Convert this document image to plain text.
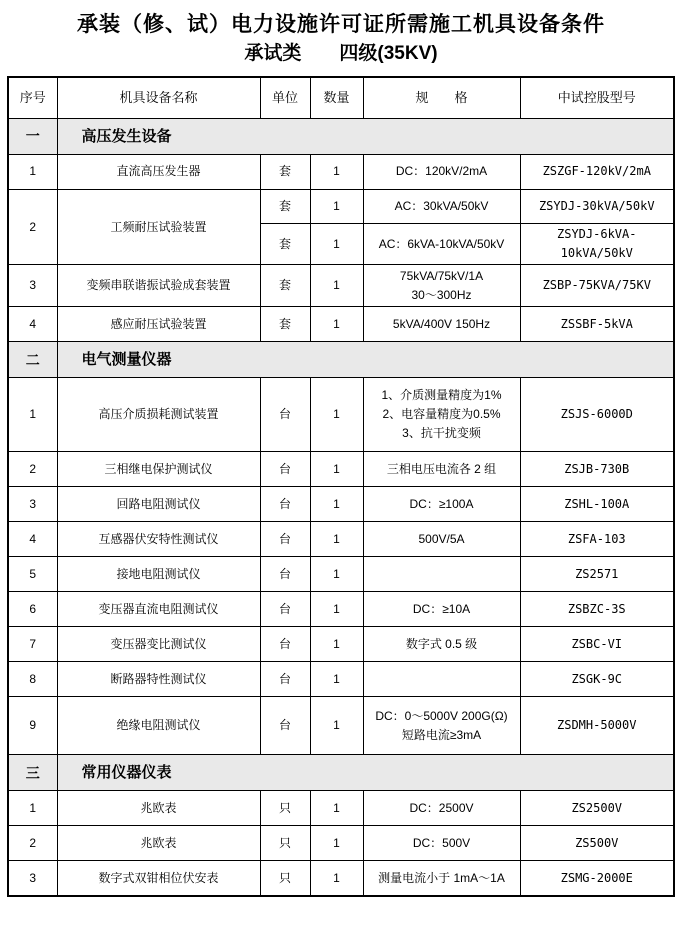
承装（修、试）电力设施许可证所需施工机具设备条件
承试类　　四级(35KV)
序号	机具设备名称	单位	数量	规　　格	中试控股型号
一	高压发生设备				
1	直流高压发生器	套	1	DC：120kV/2mA	ZSZGF-120kV/2mA
2	工频耐压试验装置	套	1	AC：30kVA/50kV	ZSYDJ-30kVA/50kV
		套	1	AC：6kVA-10kVA/50kV	ZSYDJ-6kVA-10kVA/50kV
3	变频串联谐振试验成套装置	套	1	75kVA/75kV/1A
30～300Hz	ZSBP-75KVA/75KV
4	感应耐压试验装置	套	1	5kVA/400V 150Hz	ZSSBF-5kVA
二	电气测量仪器				
1	高压介质损耗测试装置	台	1	1、介质测量精度为1%
2、电容量精度为0.5%
3、抗干扰变频	ZSJS-6000D
2	三相继电保护测试仪	台	1	三相电压电流各 2 组	ZSJB-730B
3	回路电阻测试仪	台	1	DC：≥100A	ZSHL-100A
4	互感器伏安特性测试仪	台	1	500V/5A	ZSFA-103
5	接地电阻测试仪	台	1		ZS2571
6	变压器直流电阻测试仪	台	1	DC：≥10A	ZSBZC-3S
7	变压器变比测试仪	台	1	数字式 0.5 级	ZSBC-VI
8	断路器特性测试仪	台	1		ZSGK-9C
9	绝缘电阻测试仪	台	1	DC：0～5000V 200G(Ω)
短路电流≥3mA	ZSDMH-5000V
三	常用仪器仪表				
1	兆欧表	只	1	DC：2500V	ZS2500V
2	兆欧表	只	1	DC：500V	ZS500V
3	数字式双钳相位伏安表	只	1	测量电流小于 1mA～1A	ZSMG-2000E
